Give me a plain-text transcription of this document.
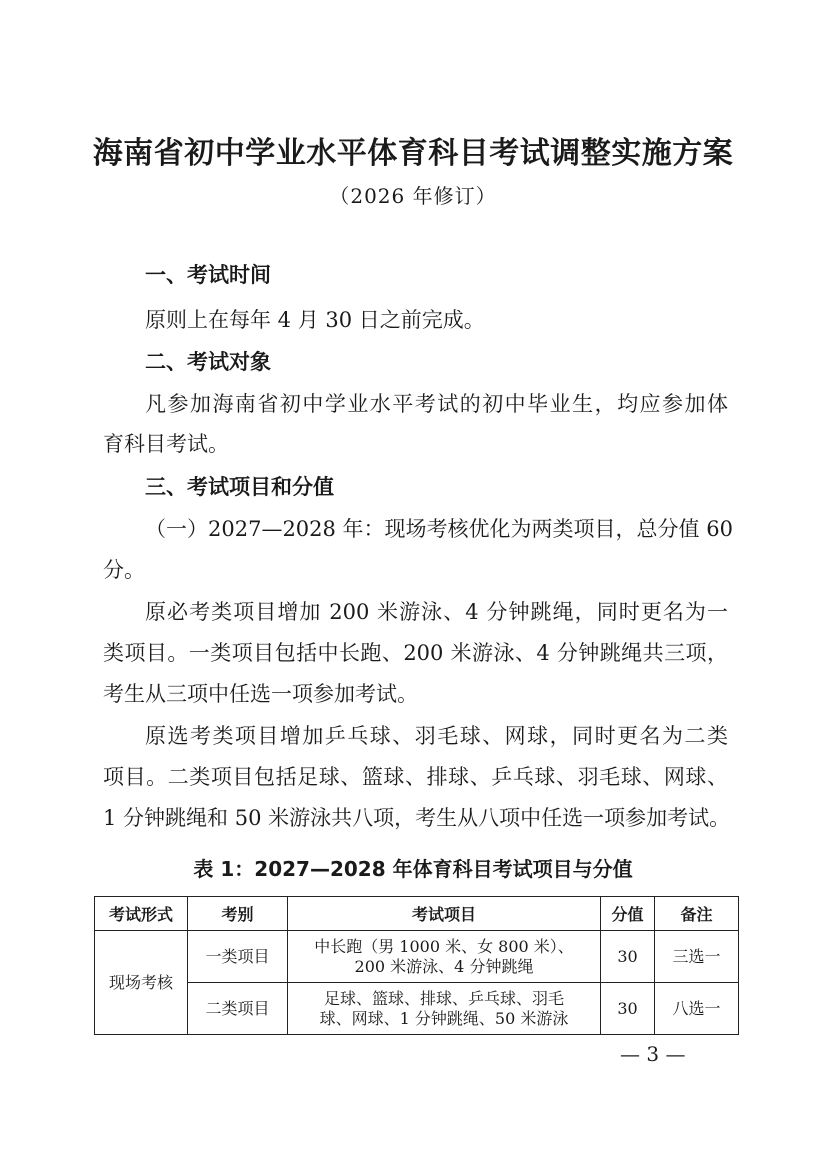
海南省初中学业水平体育科目考试调整实施方案
（2026 年修订）
一、考试时间
原则上在每年 4 月 30 日之前完成。
二、考试对象
凡参加海南省初中学业水平考试的初中毕业生，均应参加体
育科目考试。
三、考试项目和分值
（一）2027—2028 年：现场考核优化为两类项目，总分值 60
分。
原必考类项目增加 200 米游泳、4 分钟跳绳，同时更名为一
类项目。一类项目包括中长跑、200 米游泳、4 分钟跳绳共三项，
考生从三项中任选一项参加考试。
原选考类项目增加乒乓球、羽毛球、网球，同时更名为二类
项目。二类项目包括足球、篮球、排球、乒乓球、羽毛球、网球、
1 分钟跳绳和 50 米游泳共八项，考生从八项中任选一项参加考试。
表 1：2027—2028 年体育科目考试项目与分值
考试形式	考别	考试项目	分值	备注
现场考核	一类项目	中长跑（男 1000 米、女 800 米）、
200 米游泳、4 分钟跳绳	30	三选一
	二类项目	足球、篮球、排球、乒乓球、羽毛
球、网球、1 分钟跳绳、50 米游泳	30	八选一
— 3 —
